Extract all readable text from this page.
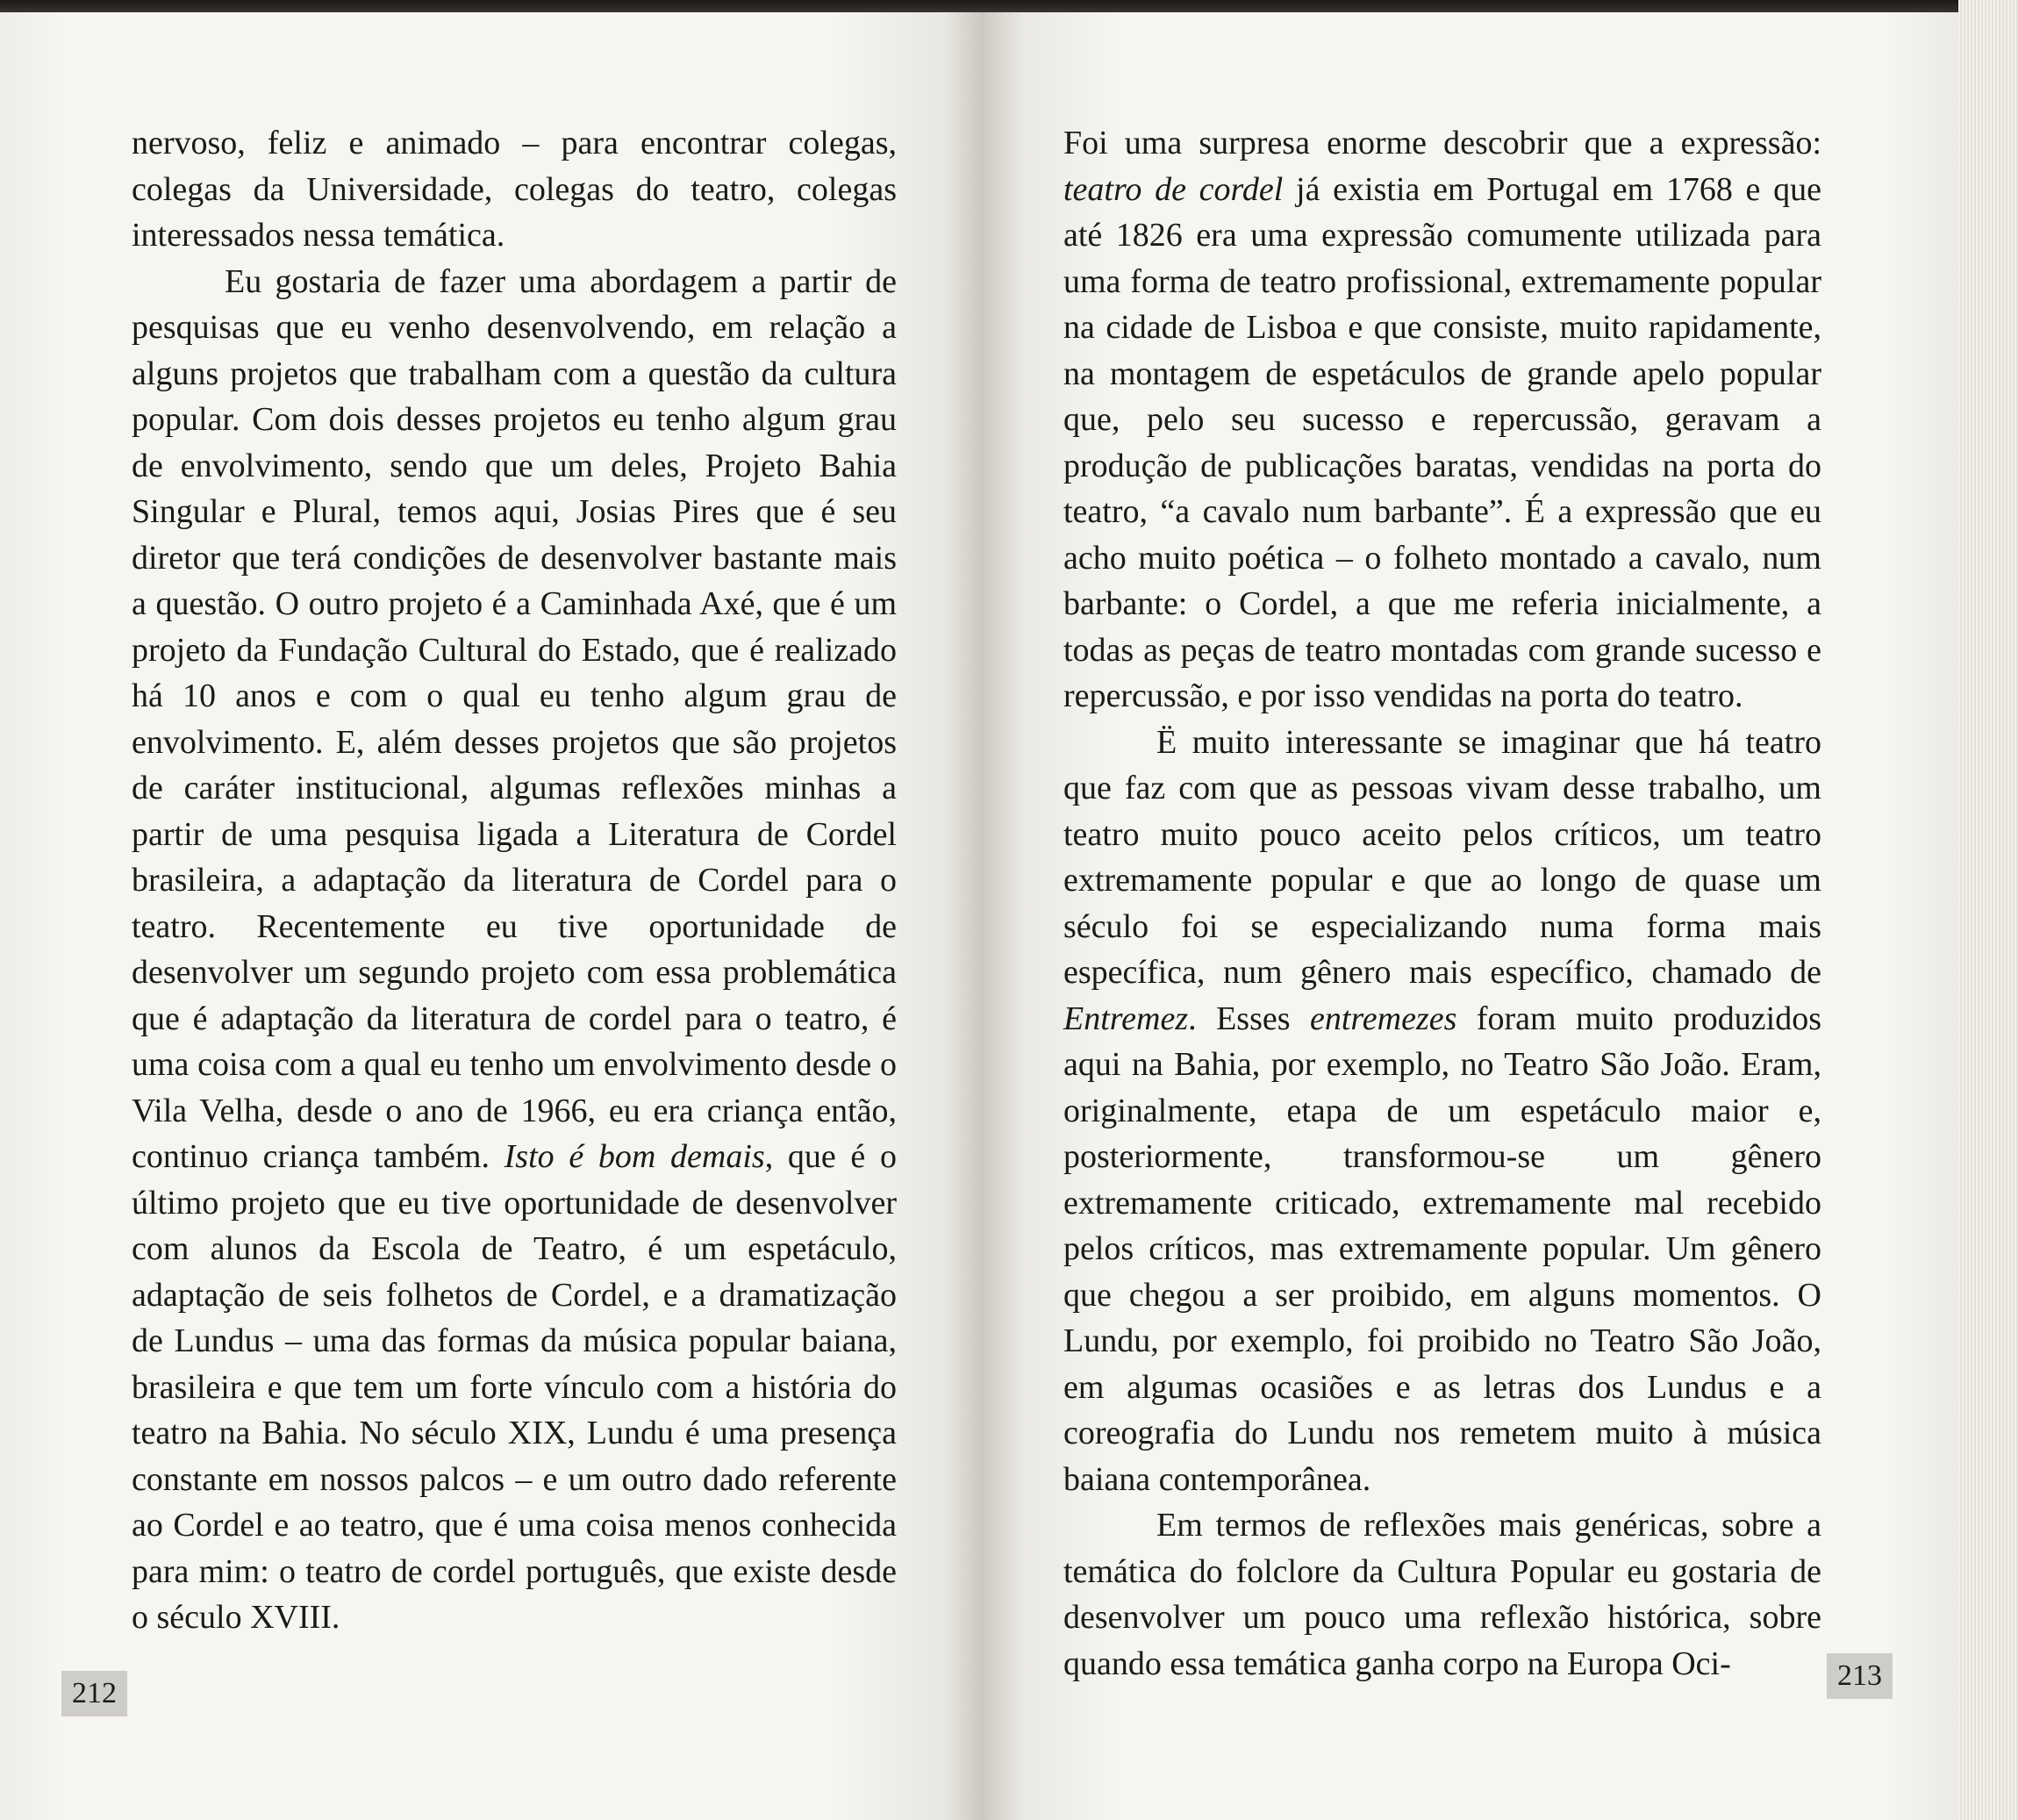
nervoso, feliz e animado – para encontrar colegas, colegas da Universidade, colegas do teatro, colegas interessados nessa temática.

Eu gostaria de fazer uma abordagem a partir de pesquisas que eu venho desenvolvendo, em relação a alguns projetos que trabalham com a questão da cultura popular. Com dois desses projetos eu tenho algum grau de envolvimento, sendo que um deles, Projeto Bahia Singular e Plural, temos aqui, Josias Pires que é seu diretor que terá condições de desenvolver bastante mais a questão. O outro projeto é a Caminhada Axé, que é um projeto da Fundação Cultural do Estado, que é realizado há 10 anos e com o qual eu tenho algum grau de envolvimento. E, além desses projetos que são projetos de caráter institucional, algumas reflexões minhas a partir de uma pesquisa ligada a Literatura de Cordel brasileira, a adaptação da literatura de Cordel para o teatro. Recentemente eu tive oportunidade de desenvolver um segundo projeto com essa problemática que é adaptação da literatura de cordel para o teatro, é uma coisa com a qual eu tenho um envolvimento desde o Vila Velha, desde o ano de 1966, eu era criança então, continuo criança também. Isto é bom demais, que é o último projeto que eu tive oportunidade de desenvolver com alunos da Escola de Teatro, é um espetáculo, adaptação de seis folhetos de Cordel, e a dramatização de Lundus – uma das formas da música popular baiana, brasileira e que tem um forte vínculo com a história do teatro na Bahia. No século XIX, Lundu é uma presença constante em nossos palcos – e um outro dado referente ao Cordel e ao teatro, que é uma coisa menos conhecida para mim: o teatro de cordel português, que existe desde o século XVIII.

Foi uma surpresa enorme descobrir que a expressão: teatro de cordel já existia em Portugal em 1768 e que até 1826 era uma expressão comumente utilizada para uma forma de teatro profissional, extremamente popular na cidade de Lisboa e que consiste, muito rapidamente, na montagem de espetáculos de grande apelo popular que, pelo seu sucesso e repercussão, geravam a produção de publicações baratas, vendidas na porta do teatro, “a cavalo num barbante”. É a expressão que eu acho muito poética – o folheto montado a cavalo, num barbante: o Cordel, a que me referia inicialmente, a todas as peças de teatro montadas com grande sucesso e repercussão, e por isso vendidas na porta do teatro.

Ë muito interessante se imaginar que há teatro que faz com que as pessoas vivam desse trabalho, um teatro muito pouco aceito pelos críticos, um teatro extremamente popular e que ao longo de quase um século foi se especializando numa forma mais específica, num gênero mais específico, chamado de Entremez. Esses entremezes foram muito produzidos aqui na Bahia, por exemplo, no Teatro São João. Eram, originalmente, etapa de um espetáculo maior e, posteriormente, transformou-se um gênero extremamente criticado, extremamente mal recebido pelos críticos, mas extremamente popular. Um gênero que chegou a ser proibido, em alguns momentos. O Lundu, por exemplo, foi proibido no Teatro São João, em algumas ocasiões e as letras dos Lundus e a coreografia do Lundu nos remetem muito à música baiana contemporânea.

Em termos de reflexões mais genéricas, sobre a temática do folclore da Cultura Popular eu gostaria de desenvolver um pouco uma reflexão histórica, sobre quando essa temática ganha corpo na Europa Oci-

212
213
